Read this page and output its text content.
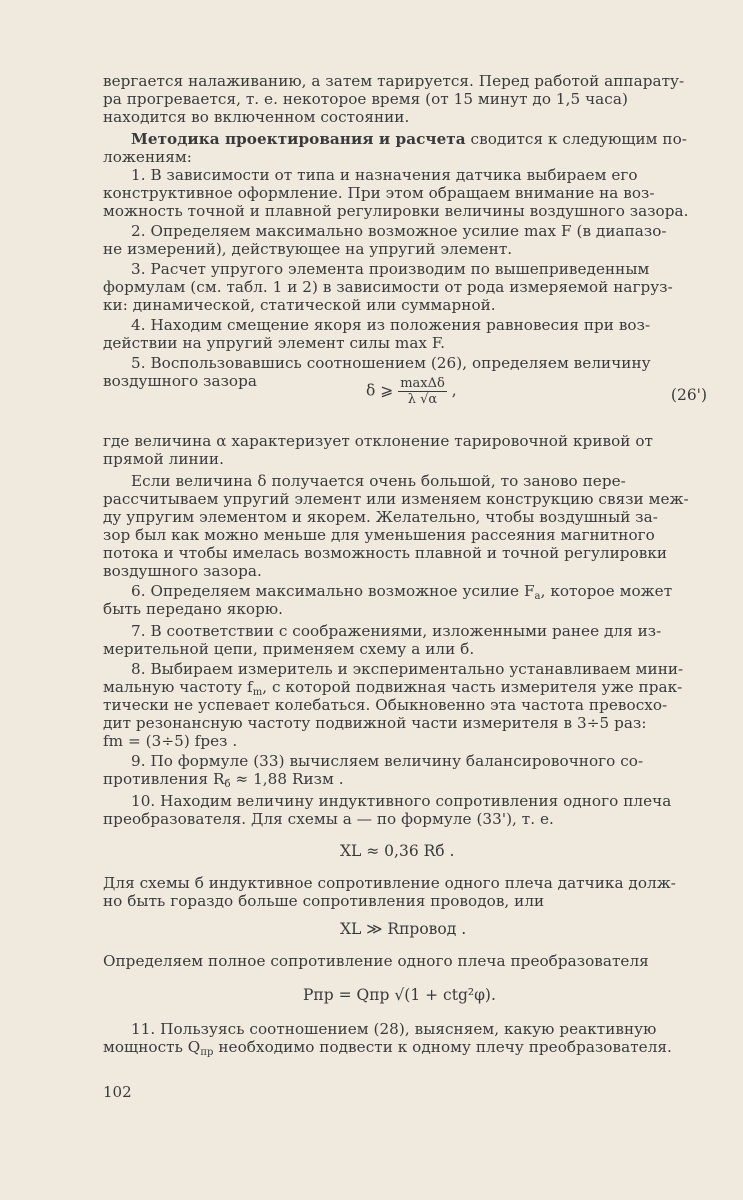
вергается налаживанию, а затем тарируется. Перед работой аппарату-
ра прогревается, т. е. некоторое время (от 15 минут до 1,5 часа)
находится во включенном состоянии.
Методика проектирования и расчета сводится к следующим по-
ложениям:
1. В зависимости от типа и назначения датчика выбираем его
конструктивное оформление. При этом обращаем внимание на воз-
можность точной и плавной регулировки величины воздушного зазора.
2. Определяем максимально возможное усилие max F (в диапазо-
не измерений), действующее на упругий элемент.
3. Расчет упругого элемента производим по вышеприведенным
формулам (см. табл. 1 и 2) в зависимости от рода измеряемой нагруз-
ки: динамической, статической или суммарной.
4. Находим смещение якоря из положения равновесия при воз-
действии на упругий элемент силы max F.
5. Воспользовавшись соотношением (26), определяем величину
воздушного зазора
δ ⩾ $\frac{\max\Delta\delta}{\lambda √\alpha}$ ,	(26')
где величина α характеризует отклонение тарировочной кривой от
прямой линии.
Если величина δ получается очень большой, то заново пере-
рассчитываем упругий элемент или изменяем конструкцию связи меж-
ду упругим элементом и якорем. Желательно, чтобы воздушный за-
зор был как можно меньше для уменьшения рассеяния магнитного
потока и чтобы имелась возможность плавной и точной регулировки
воздушного зазора.
6. Определяем максимально возможное усилие $F_а$, которое может
быть передано якорю.
7. В соответствии с соображениями, изложенными ранее для из-
мерительной цепи, применяем схему а или б.
8. Выбираем измеритель и экспериментально устанавливаем мини-
мальную частоту $f_m$, с которой подвижная часть измерителя уже прак-
тически не успевает колебаться. Обыкновенно эта частота превосхо-
дит резонансную частоту подвижной части измерителя в 3÷5 раз:
fm = (3÷5) fрез .
9. По формуле (33) вычисляем величину балансировочного со-
противления $R_б \approx 1,88$ Rизм .
10. Находим величину индуктивного сопротивления одного плеча
преобразователя. Для схемы а — по формуле (33'), т. е.
XL ≈ 0,36 Rб .
Для схемы б индуктивное сопротивление одного плеча датчика долж-
но быть гораздо больше сопротивления проводов, или
XL ≫ Rпровод .
Определяем полное сопротивление одного плеча преобразователя
Pпр = Qпр √(1 + ctg²φ).
11. Пользуясь соотношением (28), выясняем, какую реактивную
мощность $Q_{пр}$ необходимо подвести к одному плечу преобразователя.
102
